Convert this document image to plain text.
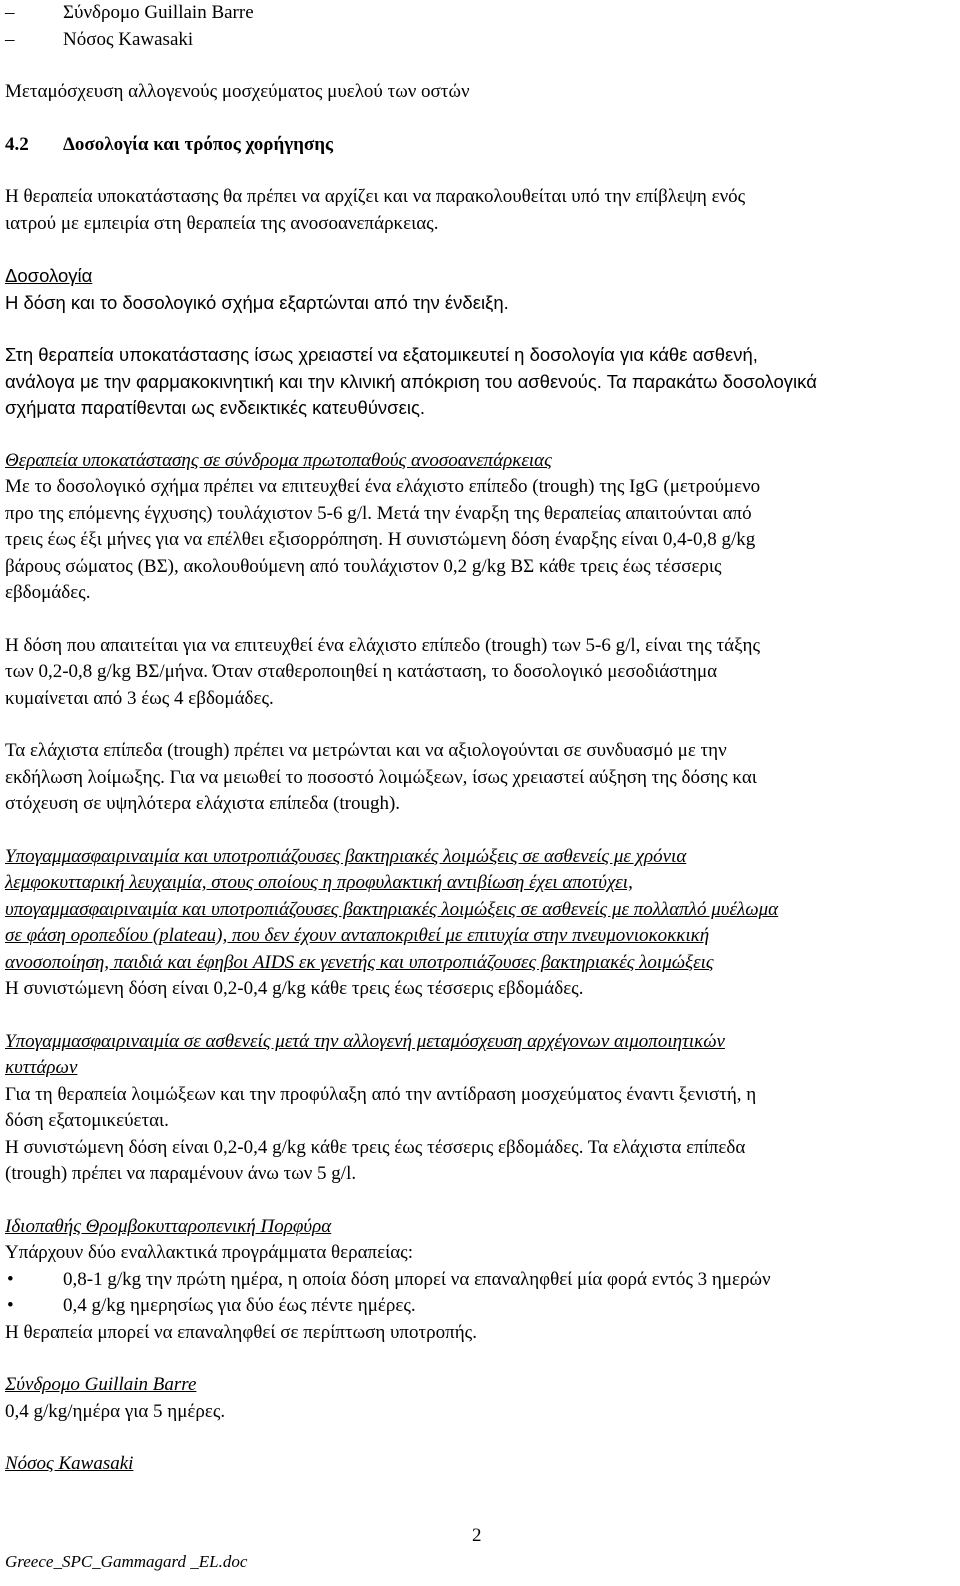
–	Σύνδρομο Guillain Barre
–	Νόσος Kawasaki
Μεταμόσχευση αλλογενούς μοσχεύματος μυελού των οστών
4.2	Δοσολογία και τρόπος χορήγησης
Η θεραπεία υποκατάστασης θα πρέπει να αρχίζει και να παρακολουθείται υπό την επίβλεψη ενός
ιατρού με εμπειρία στη θεραπεία της ανοσοανεπάρκειας.
Δοσολογία
Η δόση και το δοσολογικό σχήμα εξαρτώνται από την ένδειξη.
Στη θεραπεία υποκατάστασης ίσως χρειαστεί να εξατομικευτεί η δοσολογία για κάθε ασθενή,
ανάλογα με την φαρμακοκινητική και την κλινική απόκριση του ασθενούς. Τα παρακάτω δοσολογικά
σχήματα παρατίθενται ως ενδεικτικές κατευθύνσεις.
Θεραπεία υποκατάστασης σε σύνδρομα πρωτοπαθούς ανοσοανεπάρκειας
Με το δοσολογικό σχήμα πρέπει να επιτευχθεί ένα ελάχιστο επίπεδο (trough) της IgG (μετρούμενο
προ της επόμενης έγχυσης) τουλάχιστον 5-6 g/l. Μετά την έναρξη της θεραπείας απαιτούνται από
τρεις έως έξι μήνες για να επέλθει εξισορρόπηση. Η συνιστώμενη δόση έναρξης είναι 0,4-0,8 g/kg
βάρους σώματος (ΒΣ), ακολουθούμενη από τουλάχιστον 0,2 g/kg ΒΣ κάθε τρεις έως τέσσερις
εβδομάδες.
Η δόση που απαιτείται για να επιτευχθεί ένα ελάχιστο επίπεδο (trough) των 5-6 g/l, είναι της τάξης
των 0,2-0,8 g/kg ΒΣ/μήνα. Όταν σταθεροποιηθεί η κατάσταση, το δοσολογικό μεσοδιάστημα
κυμαίνεται από 3 έως 4 εβδομάδες.
Τα ελάχιστα επίπεδα (trough) πρέπει να μετρώνται και να αξιολογούνται σε συνδυασμό με την
εκδήλωση λοίμωξης. Για να μειωθεί το ποσοστό λοιμώξεων, ίσως χρειαστεί αύξηση της δόσης και
στόχευση σε υψηλότερα ελάχιστα επίπεδα (trough).
Υπογαμμασφαιριναιμία και υποτροπιάζουσες βακτηριακές λοιμώξεις σε ασθενείς με χρόνια
λεμφοκυτταρική λευχαιμία, στους οποίους η προφυλακτική αντιβίωση έχει αποτύχει,
υπογαμμασφαιριναιμία και υποτροπιάζουσες βακτηριακές λοιμώξεις σε ασθενείς με πολλαπλό μυέλωμα
σε φάση οροπεδίου (plateau), που δεν έχουν ανταποκριθεί με επιτυχία στην πνευμονιοκοκκική
ανοσοποίηση, παιδιά και έφηβοι AIDS εκ γενετής και υποτροπιάζουσες βακτηριακές λοιμώξεις
Η συνιστώμενη δόση είναι 0,2-0,4 g/kg κάθε τρεις έως τέσσερις εβδομάδες.
Υπογαμμασφαιριναιμία σε ασθενείς μετά την αλλογενή μεταμόσχευση αρχέγονων αιμοποιητικών
κυττάρων
Για τη θεραπεία λοιμώξεων και την προφύλαξη από την αντίδραση μοσχεύματος έναντι ξενιστή, η
δόση εξατομικεύεται.
Η συνιστώμενη δόση είναι 0,2-0,4 g/kg κάθε τρεις έως τέσσερις εβδομάδες. Τα ελάχιστα επίπεδα
(trough) πρέπει να παραμένουν άνω των 5 g/l.
Ιδιοπαθής Θρομβοκυτταροπενική Πορφύρα
Υπάρχουν δύο εναλλακτικά προγράμματα θεραπείας:
•	0,8-1 g/kg την πρώτη ημέρα, η οποία δόση μπορεί να επαναληφθεί μία φορά εντός 3 ημερών
•	0,4 g/kg ημερησίως για δύο έως πέντε ημέρες.
Η θεραπεία μπορεί να επαναληφθεί σε περίπτωση υποτροπής.
Σύνδρομο Guillain Barre
0,4 g/kg/ημέρα για 5 ημέρες.
Νόσος Kawasaki
2
Greece_SPC_Gammagard _EL.doc
